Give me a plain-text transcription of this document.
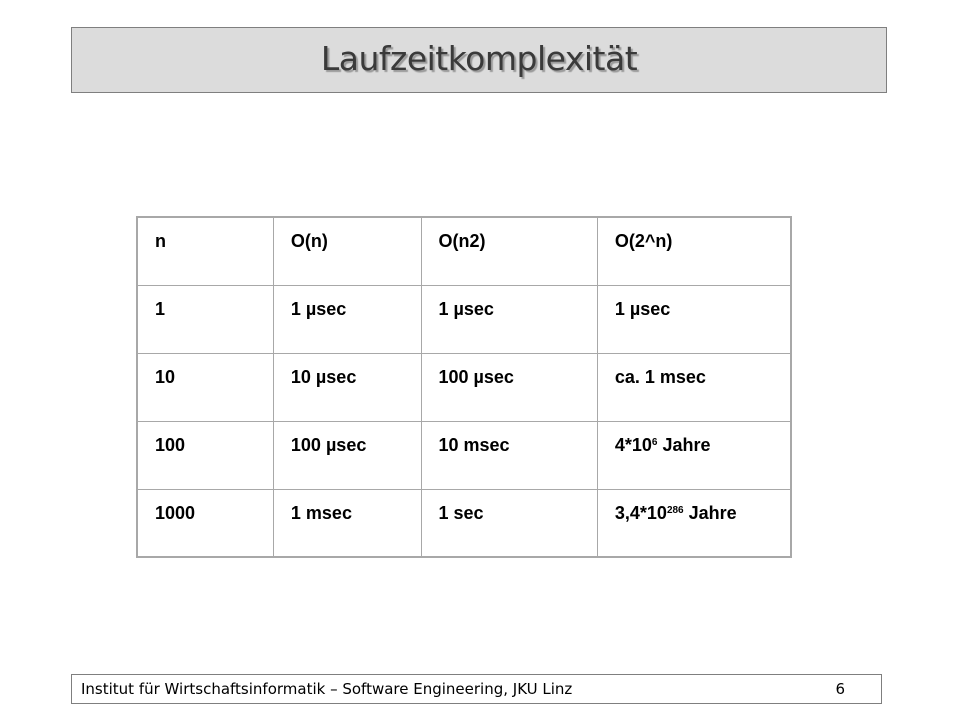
Laufzeitkomplexität
n	O(n)	O(n2)	O(2^n)
1	1 µsec	1 µsec	1 µsec
10	10 µsec	100 µsec	ca. 1 msec
100	100 µsec	10 msec	$4*10^6$ Jahre
1000	1 msec	1 sec	$3,4*10^{286}$ Jahre
Institut für Wirtschaftsinformatik – Software Engineering, JKU Linz	6
